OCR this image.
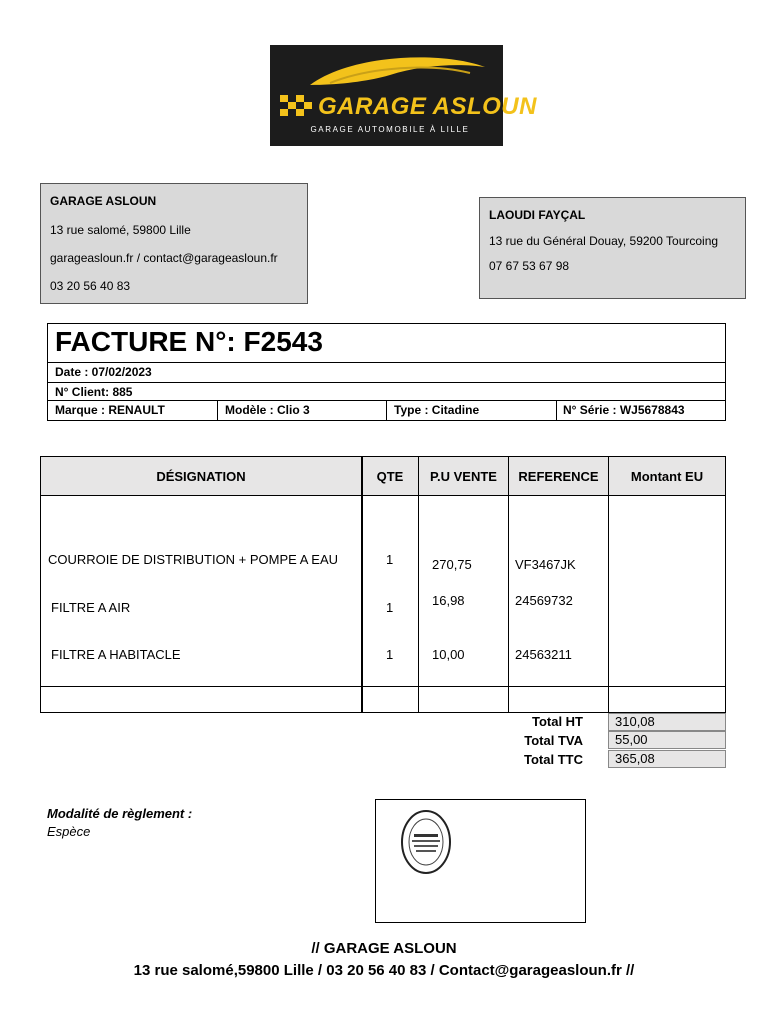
GARAGE ASLOUN
GARAGE AUTOMOBILE À LILLE
GARAGE ASLOUN
13 rue salomé, 59800 Lille
garageasloun.fr / contact@garageasloun.fr
03 20 56 40 83
LAOUDI FAYÇAL
13 rue du Général Douay, 59200 Tourcoing
07 67 53 67 98
FACTURE N°: F2543
Date : 07/02/2023
N° Client: 885
Marque : RENAULT	Modèle : Clio 3	Type : Citadine	N° Série : WJ5678843
DÉSIGNATION	QTE	P.U VENTE	REFERENCE	Montant EU
COURROIE DE DISTRIBUTION + POMPE A EAU	1	270,75	VF3467JK
FILTRE A AIR	1	16,98	24569732
FILTRE A HABITACLE	1	10,00	24563211
Total HT	310,08
Total TVA	55,00
Total TTC	365,08
Modalité de règlement :
Espèce
// GARAGE ASLOUN
13 rue salomé,59800 Lille / 03 20 56 40 83 / Contact@garageasloun.fr //
